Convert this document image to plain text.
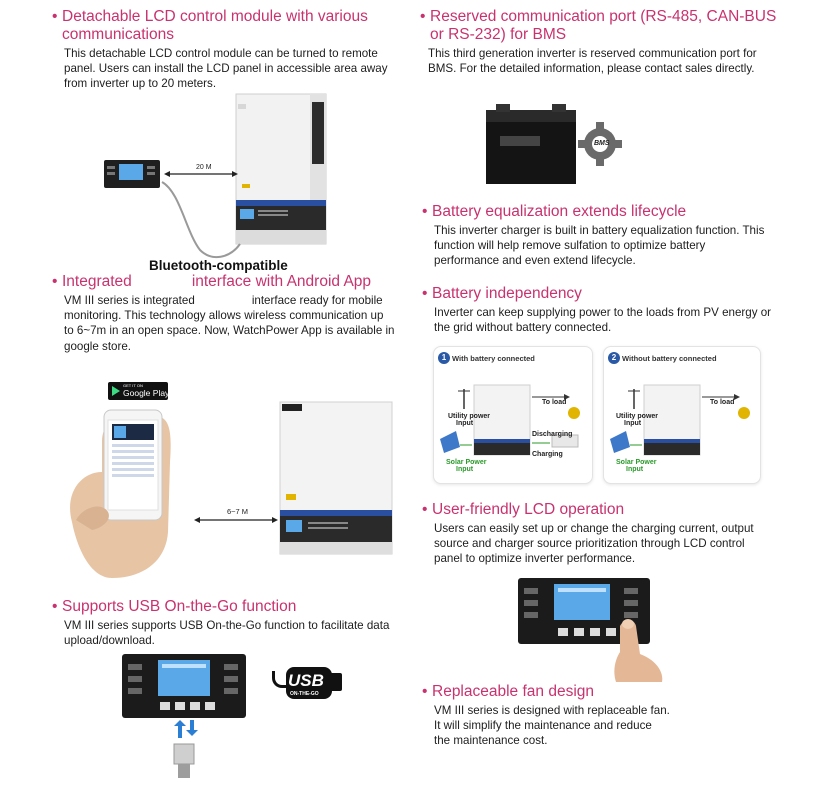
• Detachable LCD control module with various
communications
This detachable LCD control module can be turned to remote
panel. Users can install the LCD panel in accessible area away
from inverter up to 20 meters.
20 M
Bluetooth-compatible
• Integrated	interface with Android App
VM III series is integrated	interface ready for mobile
monitoring. This technology allows wireless communication up
to 6~7m in an open space. Now, WatchPower App is available in
google store.
GET IT ON
Google Play
6~7 M
• Supports USB On-the-Go function
VM III series supports USB On-the-Go function to facilitate data
upload/download.
USB
ON-THE-GO
• Reserved communication port (RS-485, CAN-BUS
or RS-232) for BMS
This third generation inverter is reserved communication port for
BMS. For the detailed information, please contact sales directly.
BMS
• Battery equalization extends lifecycle
This inverter charger is built in battery equalization function. This
function will help remove sulfation to optimize battery
performance and even extend lifecycle.
• Battery independency
Inverter can keep supplying power to the loads from PV energy or
the grid without battery connected.
1 With battery connected
Utility power
Input
To load
Discharging
Charging
Solar Power
Input
2 Without battery connected
Utility power
Input
To load
Solar Power
Input
• User-friendly LCD operation
Users can easily set up or change the charging current, output
source and charger source prioritization through LCD control
panel to optimize inverter performance.
• Replaceable fan design
VM III series is designed with replaceable fan.
It will simplify the maintenance and reduce
the maintenance cost.
